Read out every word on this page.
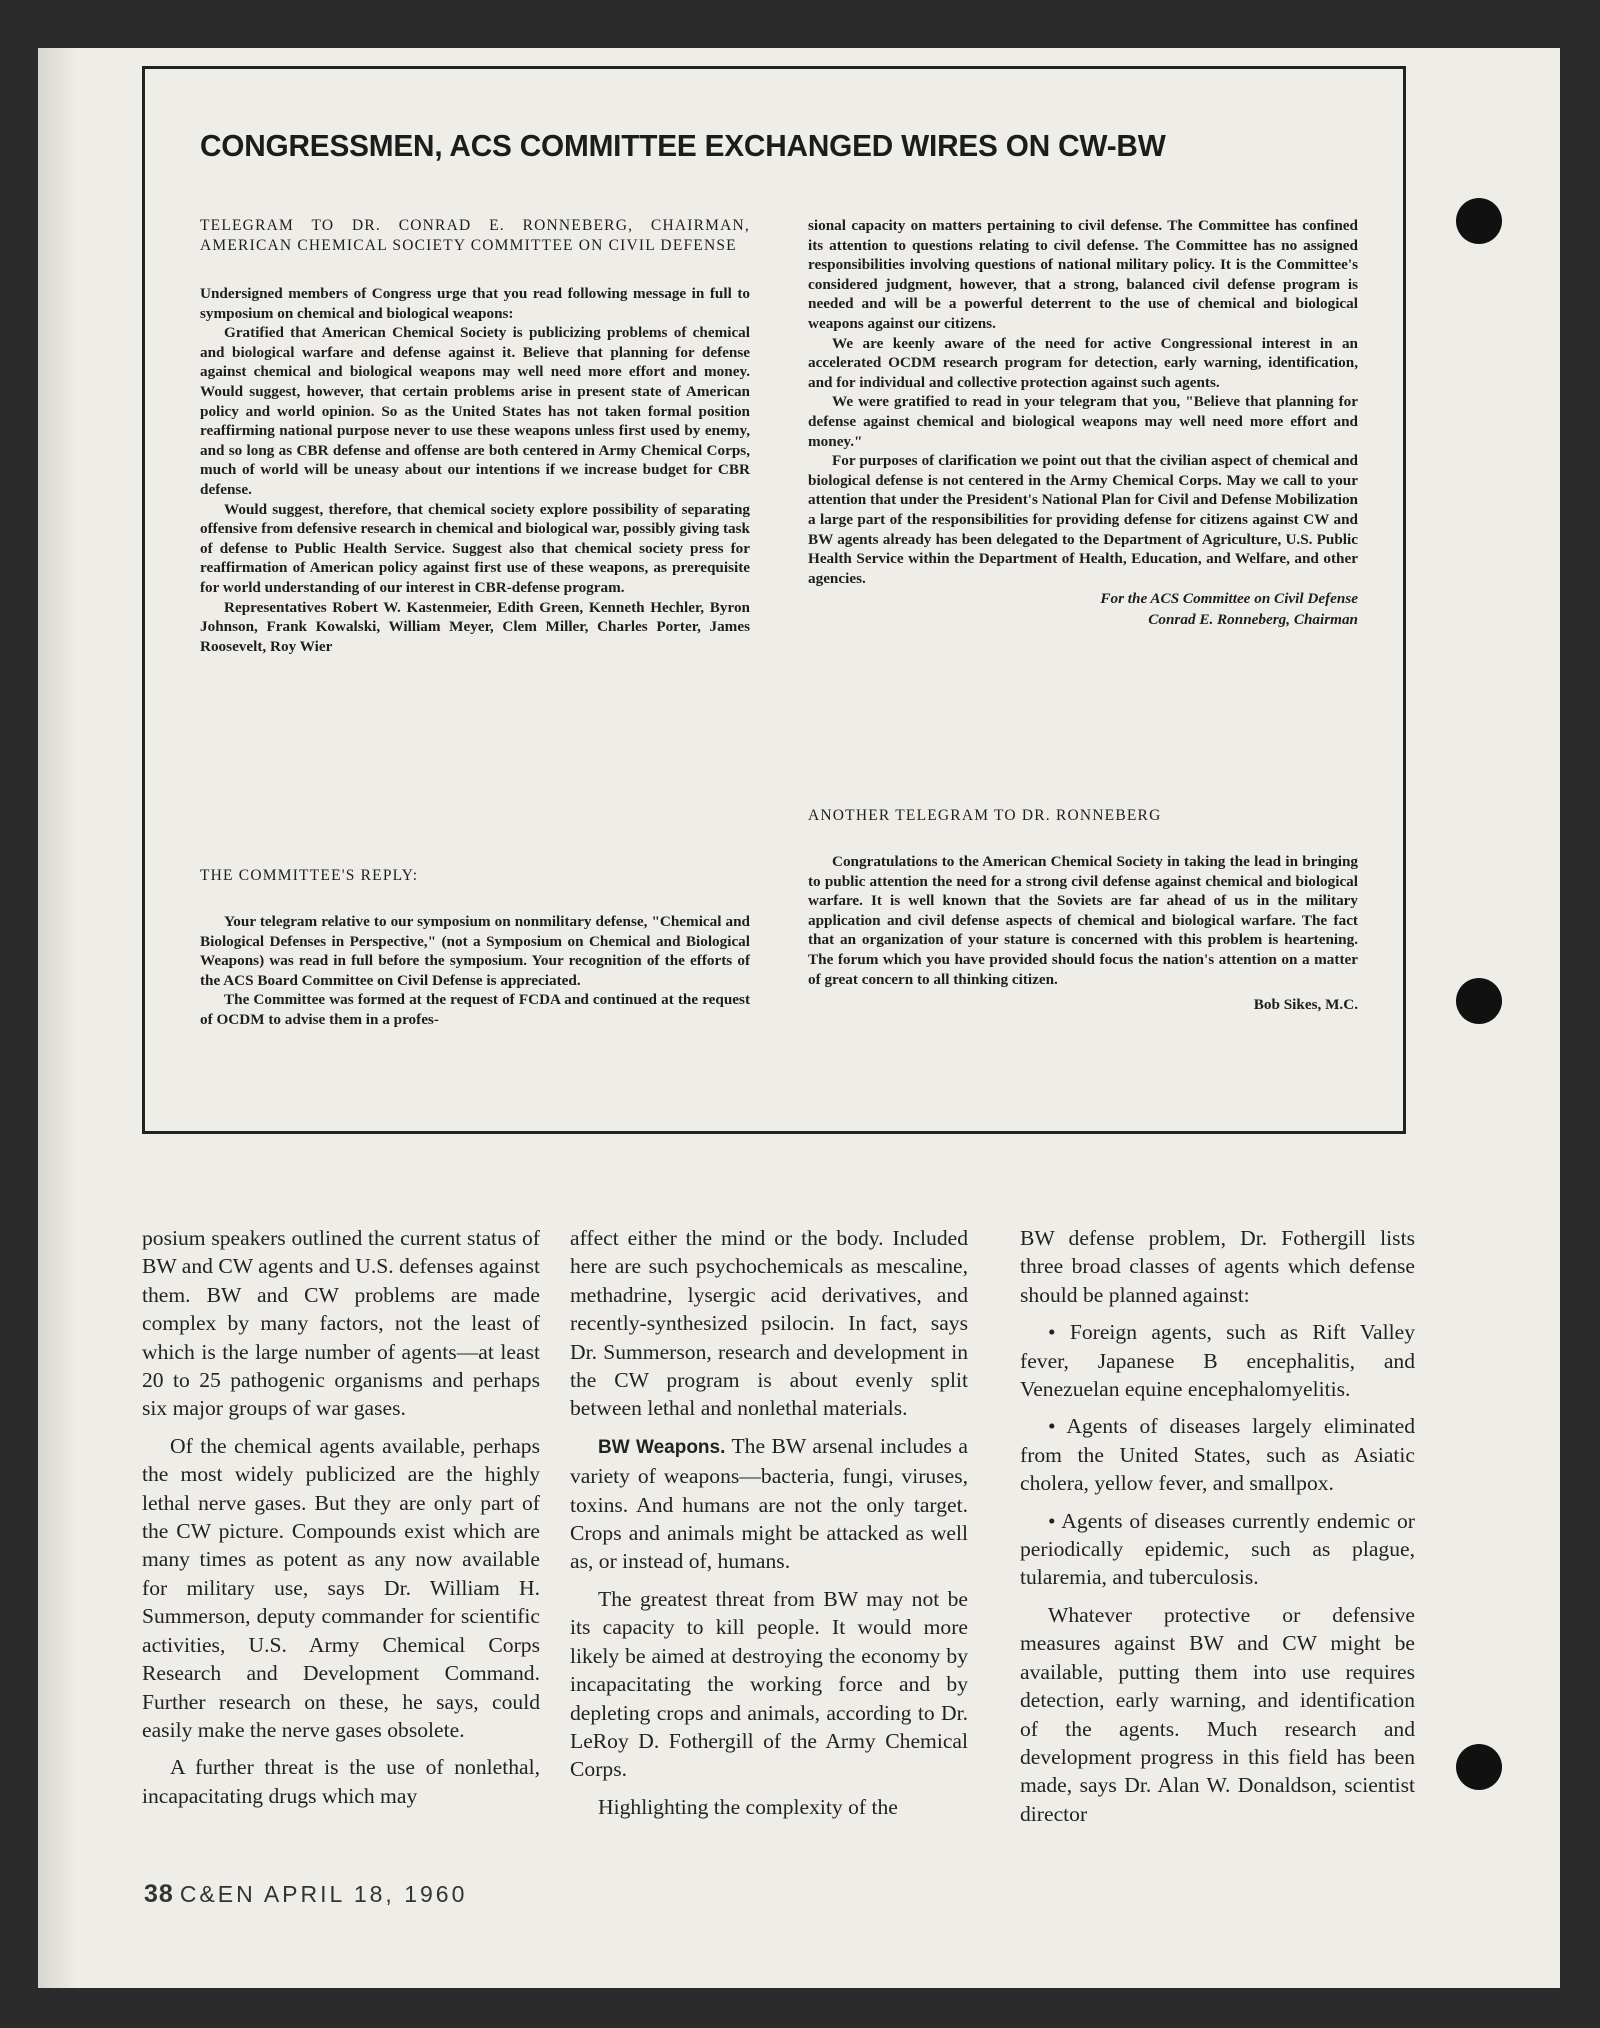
CONGRESSMEN, ACS COMMITTEE EXCHANGED WIRES ON CW-BW

TELEGRAM TO DR. CONRAD E. RONNEBERG, CHAIRMAN, AMERICAN CHEMICAL SOCIETY COMMITTEE ON CIVIL DEFENSE

Undersigned members of Congress urge that you read following message in full to symposium on chemical and biological weapons:

Gratified that American Chemical Society is publicizing problems of chemical and biological warfare and defense against it. Believe that planning for defense against chemical and biological weapons may well need more effort and money. Would suggest, however, that certain problems arise in present state of American policy and world opinion. So as the United States has not taken formal position reaffirming national purpose never to use these weapons unless first used by enemy, and so long as CBR defense and offense are both centered in Army Chemical Corps, much of world will be uneasy about our intentions if we increase budget for CBR defense.

Would suggest, therefore, that chemical society explore possibility of separating offensive from defensive research in chemical and biological war, possibly giving task of defense to Public Health Service. Suggest also that chemical society press for reaffirmation of American policy against first use of these weapons, as prerequisite for world understanding of our interest in CBR-defense program.

Representatives Robert W. Kastenmeier, Edith Green, Kenneth Hechler, Byron Johnson, Frank Kowalski, William Meyer, Clem Miller, Charles Porter, James Roosevelt, Roy Wier

THE COMMITTEE'S REPLY:

Your telegram relative to our symposium on nonmilitary defense, "Chemical and Biological Defenses in Perspective," (not a Symposium on Chemical and Biological Weapons) was read in full before the symposium. Your recognition of the efforts of the ACS Board Committee on Civil Defense is appreciated.

The Committee was formed at the request of FCDA and continued at the request of OCDM to advise them in a profes-

sional capacity on matters pertaining to civil defense. The Committee has confined its attention to questions relating to civil defense. The Committee has no assigned responsibilities involving questions of national military policy. It is the Committee's considered judgment, however, that a strong, balanced civil defense program is needed and will be a powerful deterrent to the use of chemical and biological weapons against our citizens.

We are keenly aware of the need for active Congressional interest in an accelerated OCDM research program for detection, early warning, identification, and for individual and collective protection against such agents.

We were gratified to read in your telegram that you, "Believe that planning for defense against chemical and biological weapons may well need more effort and money."

For purposes of clarification we point out that the civilian aspect of chemical and biological defense is not centered in the Army Chemical Corps. May we call to your attention that under the President's National Plan for Civil and Defense Mobilization a large part of the responsibilities for providing defense for citizens against CW and BW agents already has been delegated to the Department of Agriculture, U.S. Public Health Service within the Department of Health, Education, and Welfare, and other agencies.

For the ACS Committee on Civil Defense
Conrad E. Ronneberg, Chairman

ANOTHER TELEGRAM TO DR. RONNEBERG

Congratulations to the American Chemical Society in taking the lead in bringing to public attention the need for a strong civil defense against chemical and biological warfare. It is well known that the Soviets are far ahead of us in the military application and civil defense aspects of chemical and biological warfare. The fact that an organization of your stature is concerned with this problem is heartening. The forum which you have provided should focus the nation's attention on a matter of great concern to all thinking citizen.

Bob Sikes, M.C.

posium speakers outlined the current status of BW and CW agents and U.S. defenses against them. BW and CW problems are made complex by many factors, not the least of which is the large number of agents—at least 20 to 25 pathogenic organisms and perhaps six major groups of war gases.

Of the chemical agents available, perhaps the most widely publicized are the highly lethal nerve gases. But they are only part of the CW picture. Compounds exist which are many times as potent as any now available for military use, says Dr. William H. Summerson, deputy commander for scientific activities, U.S. Army Chemical Corps Research and Development Command. Further research on these, he says, could easily make the nerve gases obsolete.

A further threat is the use of nonlethal, incapacitating drugs which may

affect either the mind or the body. Included here are such psychochemicals as mescaline, methadrine, lysergic acid derivatives, and recently-synthesized psilocin. In fact, says Dr. Summerson, research and development in the CW program is about evenly split between lethal and nonlethal materials.

BW Weapons. The BW arsenal includes a variety of weapons—bacteria, fungi, viruses, toxins. And humans are not the only target. Crops and animals might be attacked as well as, or instead of, humans.

The greatest threat from BW may not be its capacity to kill people. It would more likely be aimed at destroying the economy by incapacitating the working force and by depleting crops and animals, according to Dr. LeRoy D. Fothergill of the Army Chemical Corps.

Highlighting the complexity of the

BW defense problem, Dr. Fothergill lists three broad classes of agents which defense should be planned against:

• Foreign agents, such as Rift Valley fever, Japanese B encephalitis, and Venezuelan equine encephalomyelitis.

• Agents of diseases largely eliminated from the United States, such as Asiatic cholera, yellow fever, and smallpox.

• Agents of diseases currently endemic or periodically epidemic, such as plague, tularemia, and tuberculosis.

Whatever protective or defensive measures against BW and CW might be available, putting them into use requires detection, early warning, and identification of the agents. Much research and development progress in this field has been made, says Dr. Alan W. Donaldson, scientist director

38 C&EN APRIL 18, 1960
